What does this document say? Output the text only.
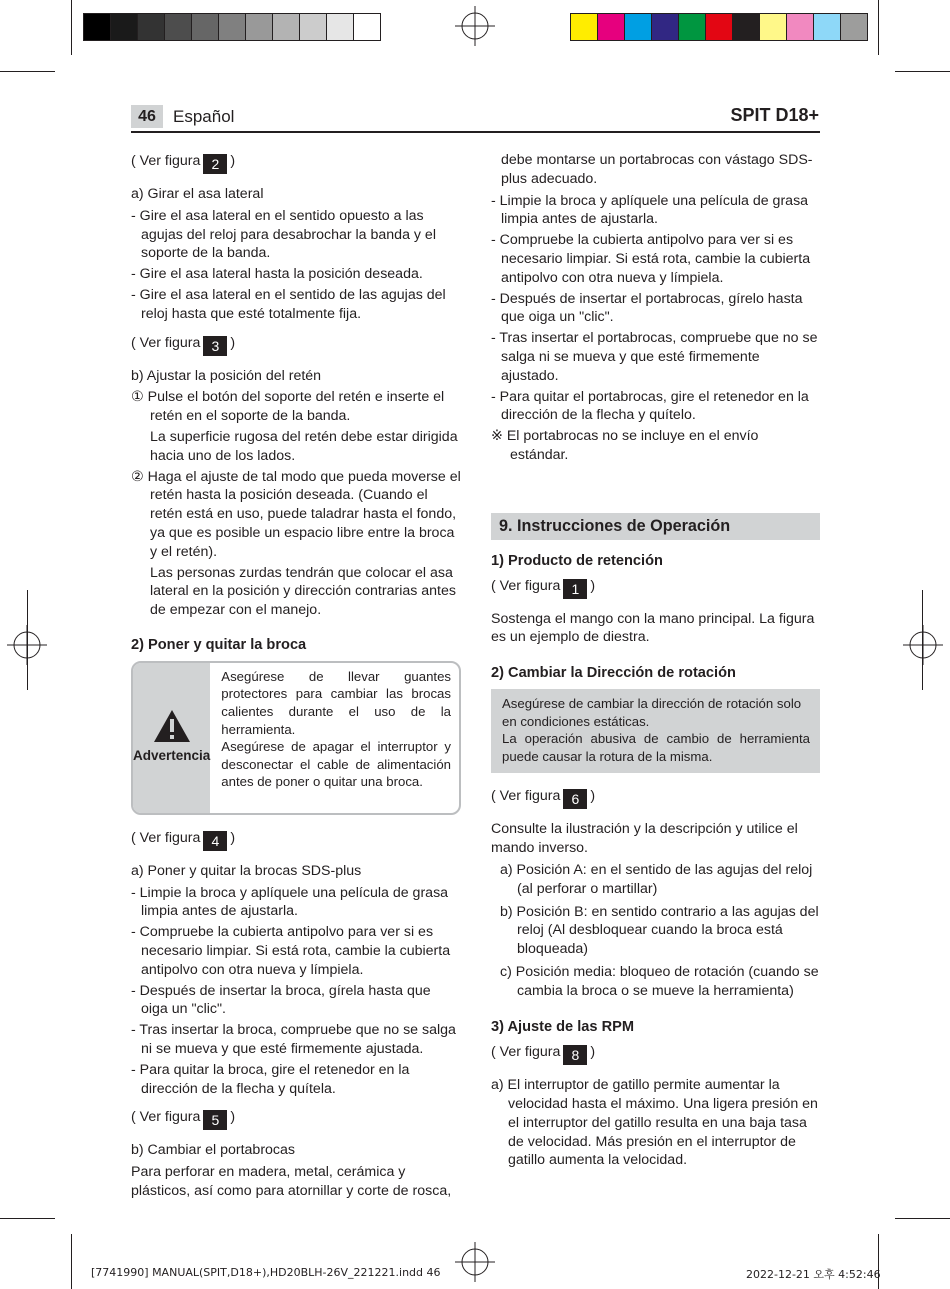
46	Español	SPIT D18+

( Ver figura 2 )

a) Girar el asa lateral

- Gire el asa lateral en el sentido opuesto a las agujas del reloj para desabrochar la banda y el soporte de la banda.

- Gire el asa lateral hasta la posición deseada.

- Gire el asa lateral en el sentido de las agujas del reloj hasta que esté totalmente fija.

( Ver figura 3 )

b) Ajustar la posición del retén

① Pulse el botón del soporte del retén e inserte el retén en el soporte de la banda.

La superficie rugosa del retén debe estar dirigida hacia uno de los lados.

② Haga el ajuste de tal modo que pueda moverse el retén hasta la posición deseada. (Cuando el retén está en uso, puede taladrar hasta el fondo, ya que es posible un espacio libre entre la broca y el retén).

Las personas zurdas tendrán que colocar el asa lateral en la posición y dirección contrarias antes de empezar con el manejo.

2) Poner y quitar la broca

Advertencia
Asegúrese de llevar guantes protectores para cambiar las brocas calientes durante el uso de la herramienta.
Asegúrese de apagar el interruptor y desconectar el cable de alimentación antes de poner o quitar una broca.

( Ver figura 4 )

a) Poner y quitar la brocas SDS-plus

- Limpie la broca y aplíquele una película de grasa limpia antes de ajustarla.

- Compruebe la cubierta antipolvo para ver si es necesario limpiar. Si está rota, cambie la cubierta antipolvo con otra nueva y límpiela.

- Después de insertar la broca, gírela hasta que oiga un "clic".

- Tras insertar la broca, compruebe que no se salga ni se mueva y que esté firmemente ajustada.

- Para quitar la broca, gire el retenedor en la dirección de la flecha y quítela.

( Ver figura 5 )

b) Cambiar el portabrocas

Para perforar en madera, metal, cerámica y plásticos, así como para atornillar y corte de rosca,

debe montarse un portabrocas con vástago SDS-plus adecuado.

- Limpie la broca y aplíquele una película de grasa limpia antes de ajustarla.

- Compruebe la cubierta antipolvo para ver si es necesario limpiar. Si está rota, cambie la cubierta antipolvo con otra nueva y límpiela.

- Después de insertar el portabrocas, gírelo hasta que oiga un "clic".

- Tras insertar el portabrocas, compruebe que no se salga ni se mueva y que esté firmemente ajustado.

- Para quitar el portabrocas, gire el retenedor en la dirección de la flecha y quítelo.

※ El portabrocas no se incluye en el envío estándar.

9. Instrucciones de Operación

1) Producto de retención

( Ver figura 1 )

Sostenga el mango con la mano principal. La figura es un ejemplo de diestra.

2) Cambiar la Dirección de rotación

Asegúrese de cambiar la dirección de rotación solo en condiciones estáticas.
La operación abusiva de cambio de herramienta puede causar la rotura de la misma.

( Ver figura 6 )

Consulte la ilustración y la descripción y utilice el mando inverso.

a) Posición A: en el sentido de las agujas del reloj (al perforar o martillar)

b) Posición B: en sentido contrario a las agujas del reloj (Al desbloquear cuando la broca está bloqueada)

c) Posición media: bloqueo de rotación (cuando se cambia la broca o se mueve la herramienta)

3) Ajuste de las RPM

( Ver figura 8 )

a) El interruptor de gatillo permite aumentar la velocidad hasta el máximo. Una ligera presión en el interruptor del gatillo resulta en una baja tasa de velocidad. Más presión en el interruptor de gatillo aumenta la velocidad.

[7741990] MANUAL(SPIT,D18+),HD20BLH-26V_221221.indd 46	2022-12-21 오후 4:52:46
